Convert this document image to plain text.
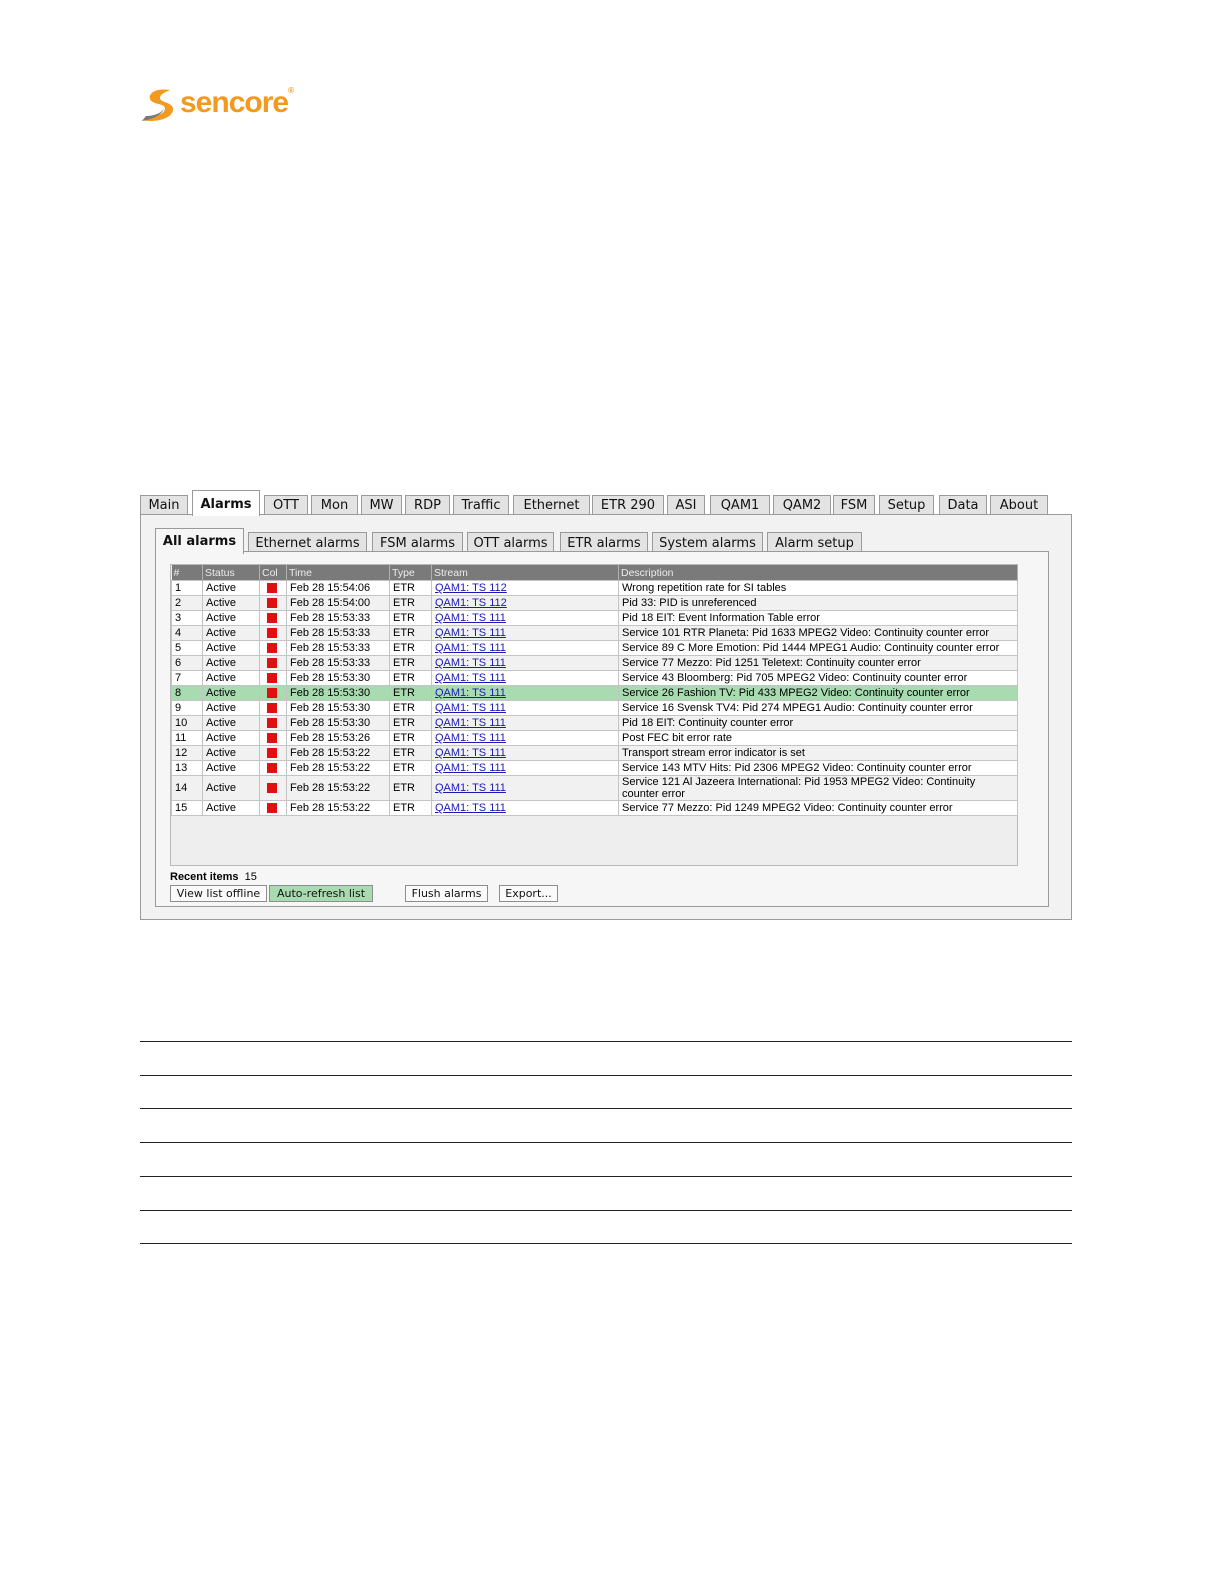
sencore®
Main	Alarms	OTT	Mon	MW	RDP	Traffic	Ethernet	ETR 290	ASI	QAM1	QAM2	FSM	Setup	Data	About
All alarms	Ethernet alarms	FSM alarms	OTT alarms	ETR alarms	System alarms	Alarm setup
#	Status	Col	Time	Type	Stream	Description
1	Active		Feb 28 15:54:06	ETR	QAM1: TS 112	Wrong repetition rate for SI tables
2	Active		Feb 28 15:54:00	ETR	QAM1: TS 112	Pid 33: PID is unreferenced
3	Active		Feb 28 15:53:33	ETR	QAM1: TS 111	Pid 18 EIT: Event Information Table error
4	Active		Feb 28 15:53:33	ETR	QAM1: TS 111	Service 101 RTR Planeta: Pid 1633 MPEG2 Video: Continuity counter error
5	Active		Feb 28 15:53:33	ETR	QAM1: TS 111	Service 89 C More Emotion: Pid 1444 MPEG1 Audio: Continuity counter error
6	Active		Feb 28 15:53:33	ETR	QAM1: TS 111	Service 77 Mezzo: Pid 1251 Teletext: Continuity counter error
7	Active		Feb 28 15:53:30	ETR	QAM1: TS 111	Service 43 Bloomberg: Pid 705 MPEG2 Video: Continuity counter error
8	Active		Feb 28 15:53:30	ETR	QAM1: TS 111	Service 26 Fashion TV: Pid 433 MPEG2 Video: Continuity counter error
9	Active		Feb 28 15:53:30	ETR	QAM1: TS 111	Service 16 Svensk TV4: Pid 274 MPEG1 Audio: Continuity counter error
10	Active		Feb 28 15:53:30	ETR	QAM1: TS 111	Pid 18 EIT: Continuity counter error
11	Active		Feb 28 15:53:26	ETR	QAM1: TS 111	Post FEC bit error rate
12	Active		Feb 28 15:53:22	ETR	QAM1: TS 111	Transport stream error indicator is set
13	Active		Feb 28 15:53:22	ETR	QAM1: TS 111	Service 143 MTV Hits: Pid 2306 MPEG2 Video: Continuity counter error
14	Active		Feb 28 15:53:22	ETR	QAM1: TS 111	Service 121 Al Jazeera International: Pid 1953 MPEG2 Video: Continuity counter error
15	Active		Feb 28 15:53:22	ETR	QAM1: TS 111	Service 77 Mezzo: Pid 1249 MPEG2 Video: Continuity counter error
Recent items 15
View list offline	Auto-refresh list	Flush alarms	Export...
